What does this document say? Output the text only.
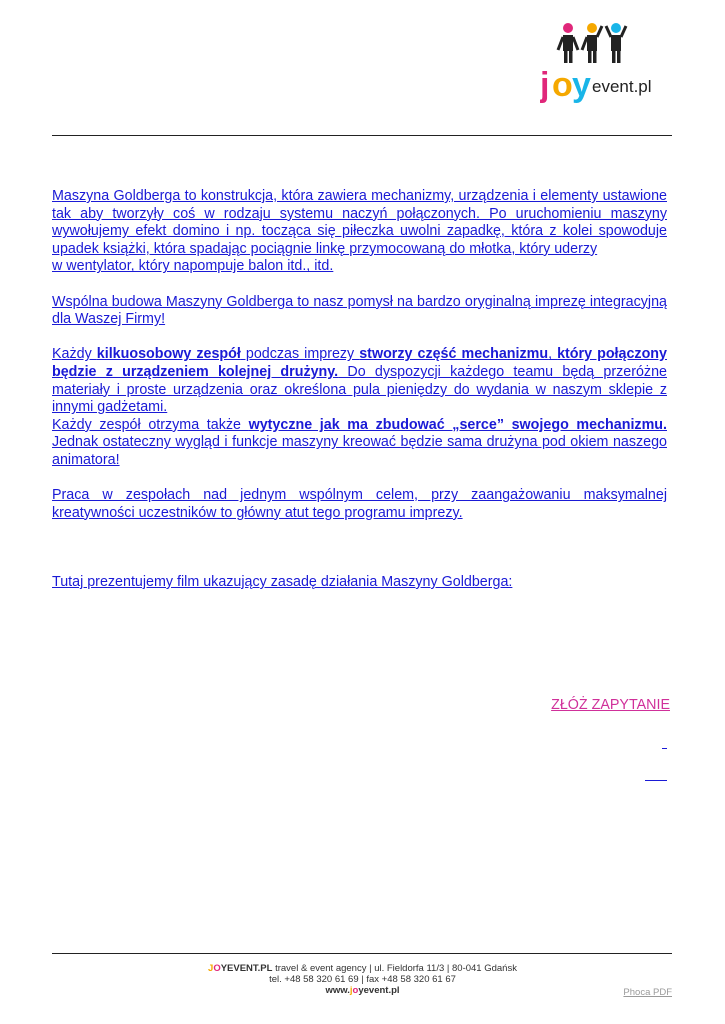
j o y event.pl

Maszyna Goldberga to konstrukcja, która zawiera mechanizmy, urządzenia i elementy ustawione tak aby tworzyły coś w rodzaju systemu naczyń połączonych. Po uruchomieniu maszyny wywołujemy efekt domino i np. tocząca się piłeczka uwolni zapadkę, która z kolei spowoduje upadek książki, która spadając pociągnie linkę przymocowaną do młotka, który uderzy
w wentylator, który napompuje balon itd., itd.

Wspólna budowa Maszyny Goldberga to nasz pomysł na bardzo oryginalną imprezę integracyjną dla Waszej Firmy!

Każdy kilkuosobowy zespół podczas imprezy stworzy część mechanizmu, który połączony będzie z urządzeniem kolejnej drużyny. Do dyspozycji każdego teamu będą przeróżne materiały i proste urządzenia oraz określona pula pieniędzy do wydania w naszym sklepie z innymi gadżetami.

Każdy zespół otrzyma także wytyczne jak ma zbudować „serce” swojego mechanizmu. Jednak ostateczny wygląd i funkcje maszyny kreować będzie sama drużyna pod okiem naszego animatora!

Praca w zespołach nad jednym wspólnym celem, przy zaangażowaniu maksymalnej kreatywności uczestników to główny atut tego programu imprezy.

Tutaj prezentujemy film ukazujący zasadę działania Maszyny Goldberga:
ZŁÓŻ ZAPYTANIE
JOYEVENT.PL travel & event agency | ul. Fieldorfa 11/3 | 80-041 Gdańsk
tel. +48 58 320 61 69 | fax +48 58 320 61 67
www.joyevent.pl	Phoca PDF
